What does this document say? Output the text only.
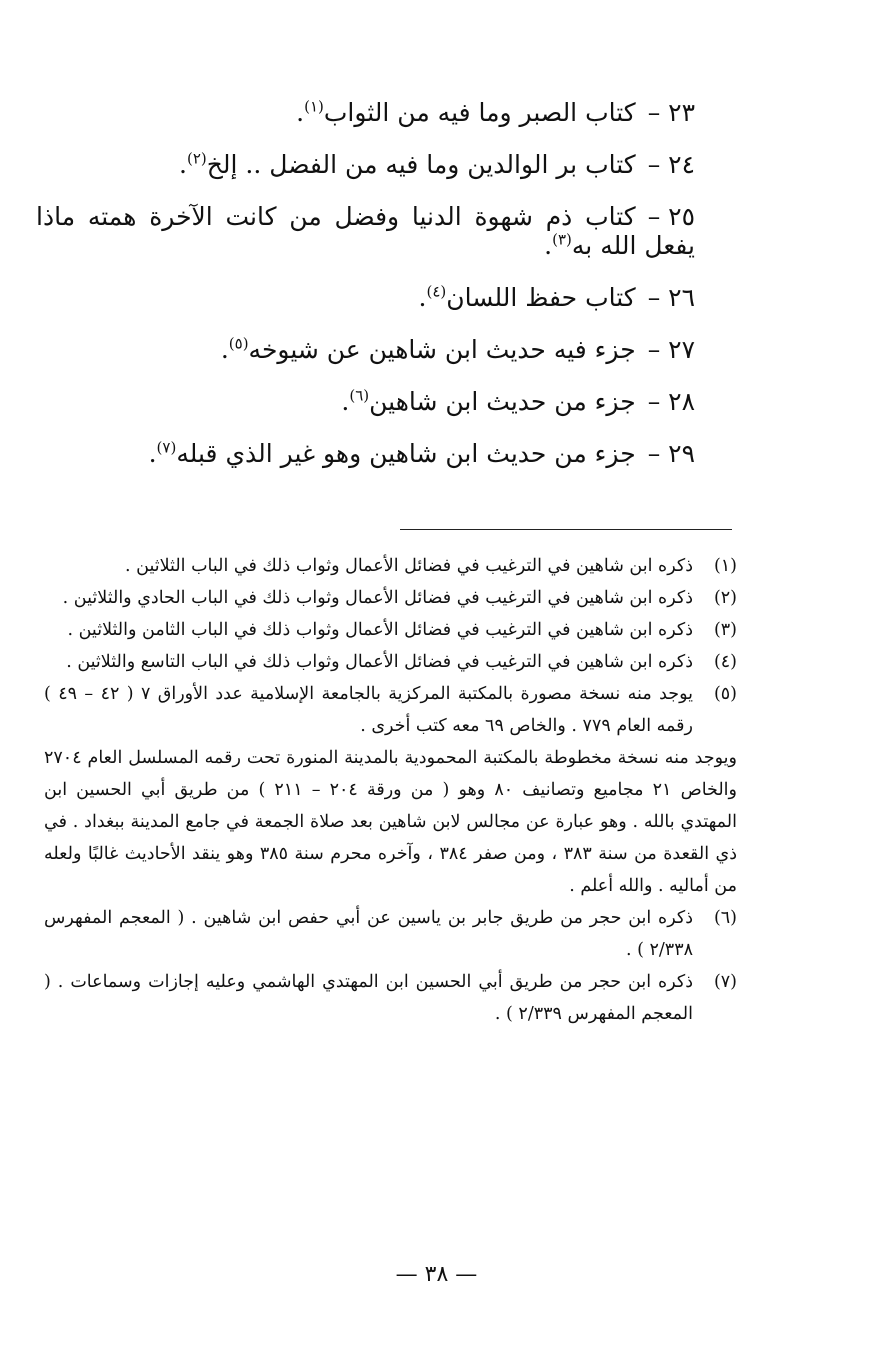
٢٣ –كتاب الصبر وما فيه من الثواب$^{(١)}$.
٢٤ –كتاب بر الوالدين وما فيه من الفضل .. إلخ$^{(٢)}$.
٢٥ –كتاب ذم شهوة الدنيا وفضل من كانت الآخرة همته ماذا يفعل الله به$^{(٣)}$.
٢٦ –كتاب حفظ اللسان$^{(٤)}$.
٢٧ –جزء فيه حديث ابن شاهين عن شيوخه$^{(٥)}$.
٢٨ –جزء من حديث ابن شاهين$^{(٦)}$.
٢٩ –جزء من حديث ابن شاهين وهو غير الذي قبله$^{(٧)}$.
(١)
ذكره ابن شاهين في الترغيب في فضائل الأعمال وثواب ذلك في الباب الثلاثين .
(٢)
ذكره ابن شاهين في الترغيب في فضائل الأعمال وثواب ذلك في الباب الحادي والثلاثين .
(٣)
ذكره ابن شاهين في الترغيب في فضائل الأعمال وثواب ذلك في الباب الثامن والثلاثين .
(٤)
ذكره ابن شاهين في الترغيب في فضائل الأعمال وثواب ذلك في الباب التاسع والثلاثين .
(٥)
يوجد منه نسخة مصورة بالمكتبة المركزية بالجامعة الإسلامية عدد الأوراق ٧ ( ٤٢ – ٤٩ ) رقمه العام ٧٧٩ . والخاص ٦٩ معه كتب أخرى .
ويوجد منه نسخة مخطوطة بالمكتبة المحمودية بالمدينة المنورة تحت رقمه المسلسل العام ٢٧٠٤ والخاص ٢١ مجاميع وتصانيف ٨٠ وهو ( من ورقة ٢٠٤ – ٢١١ ) من طريق أبي الحسين ابن المهتدي بالله . وهو عبارة عن مجالس لابن شاهين بعد صلاة الجمعة في جامع المدينة ببغداد . في ذي القعدة من سنة ٣٨٣ ، ومن صفر ٣٨٤ ، وآخره محرم سنة ٣٨٥ وهو ينقد الأحاديث غالبًا ولعله من أماليه . والله أعلم .
(٦)
ذكره ابن حجر من طريق جابر بن ياسين عن أبي حفص ابن شاهين . ( المعجم المفهرس ٢/٣٣٨ ) .
(٧)
ذكره ابن حجر من طريق أبي الحسين ابن المهتدي الهاشمي وعليه إجازات وسماعات . ( المعجم المفهرس ٢/٣٣٩ ) .
— ٣٨ —
